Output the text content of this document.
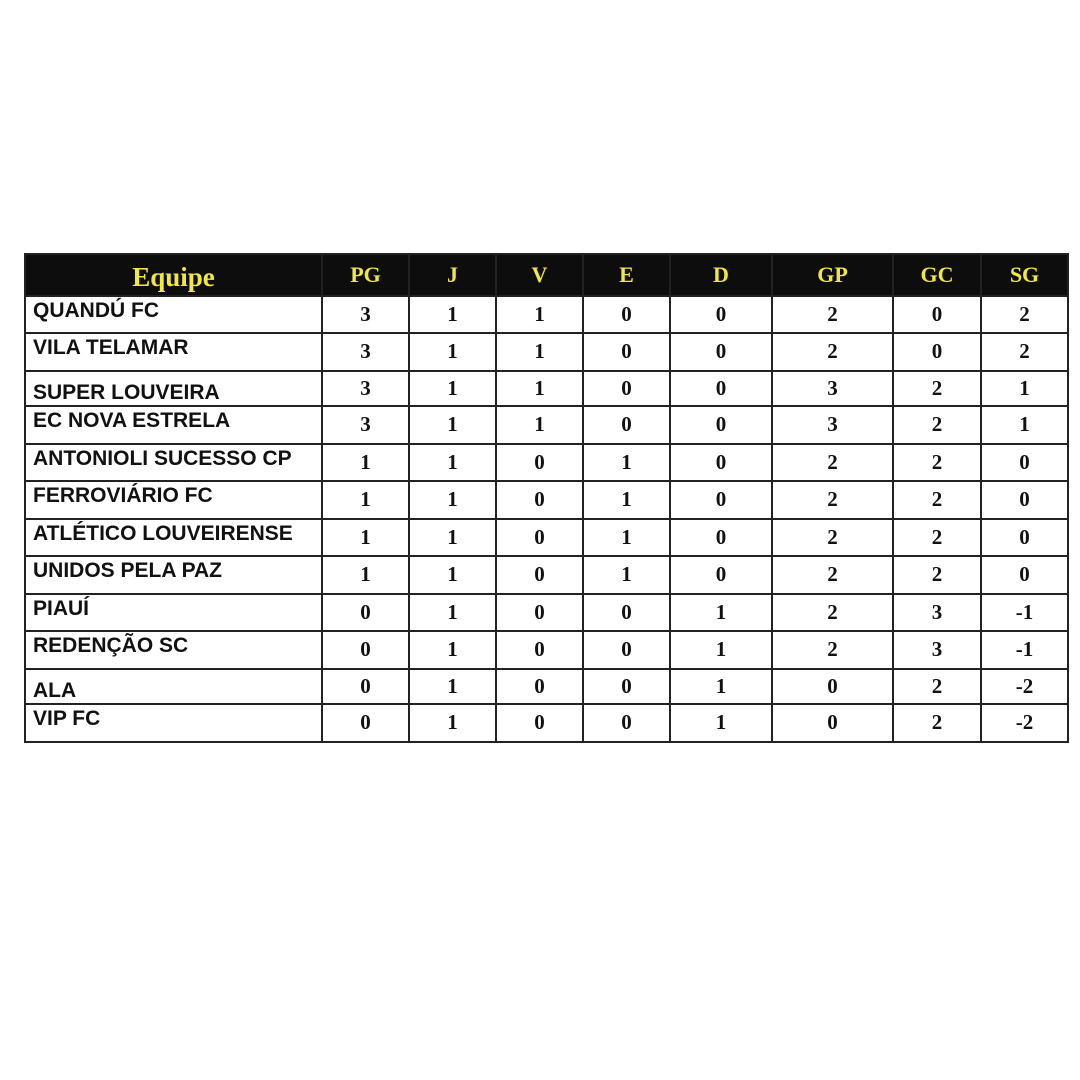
Equipe	PG	J	V	E	D	GP	GC	SG
QUANDÚ FC	3	1	1	0	0	2	0	2
VILA TELAMAR	3	1	1	0	0	2	0	2
SUPER LOUVEIRA	3	1	1	0	0	3	2	1
EC NOVA ESTRELA	3	1	1	0	0	3	2	1
ANTONIOLI SUCESSO CP	1	1	0	1	0	2	2	0
FERROVIÁRIO FC	1	1	0	1	0	2	2	0
ATLÉTICO LOUVEIRENSE	1	1	0	1	0	2	2	0
UNIDOS PELA PAZ	1	1	0	1	0	2	2	0
PIAUÍ	0	1	0	0	1	2	3	-1
REDENÇÃO SC	0	1	0	0	1	2	3	-1
ALA	0	1	0	0	1	0	2	-2
VIP FC	0	1	0	0	1	0	2	-2
